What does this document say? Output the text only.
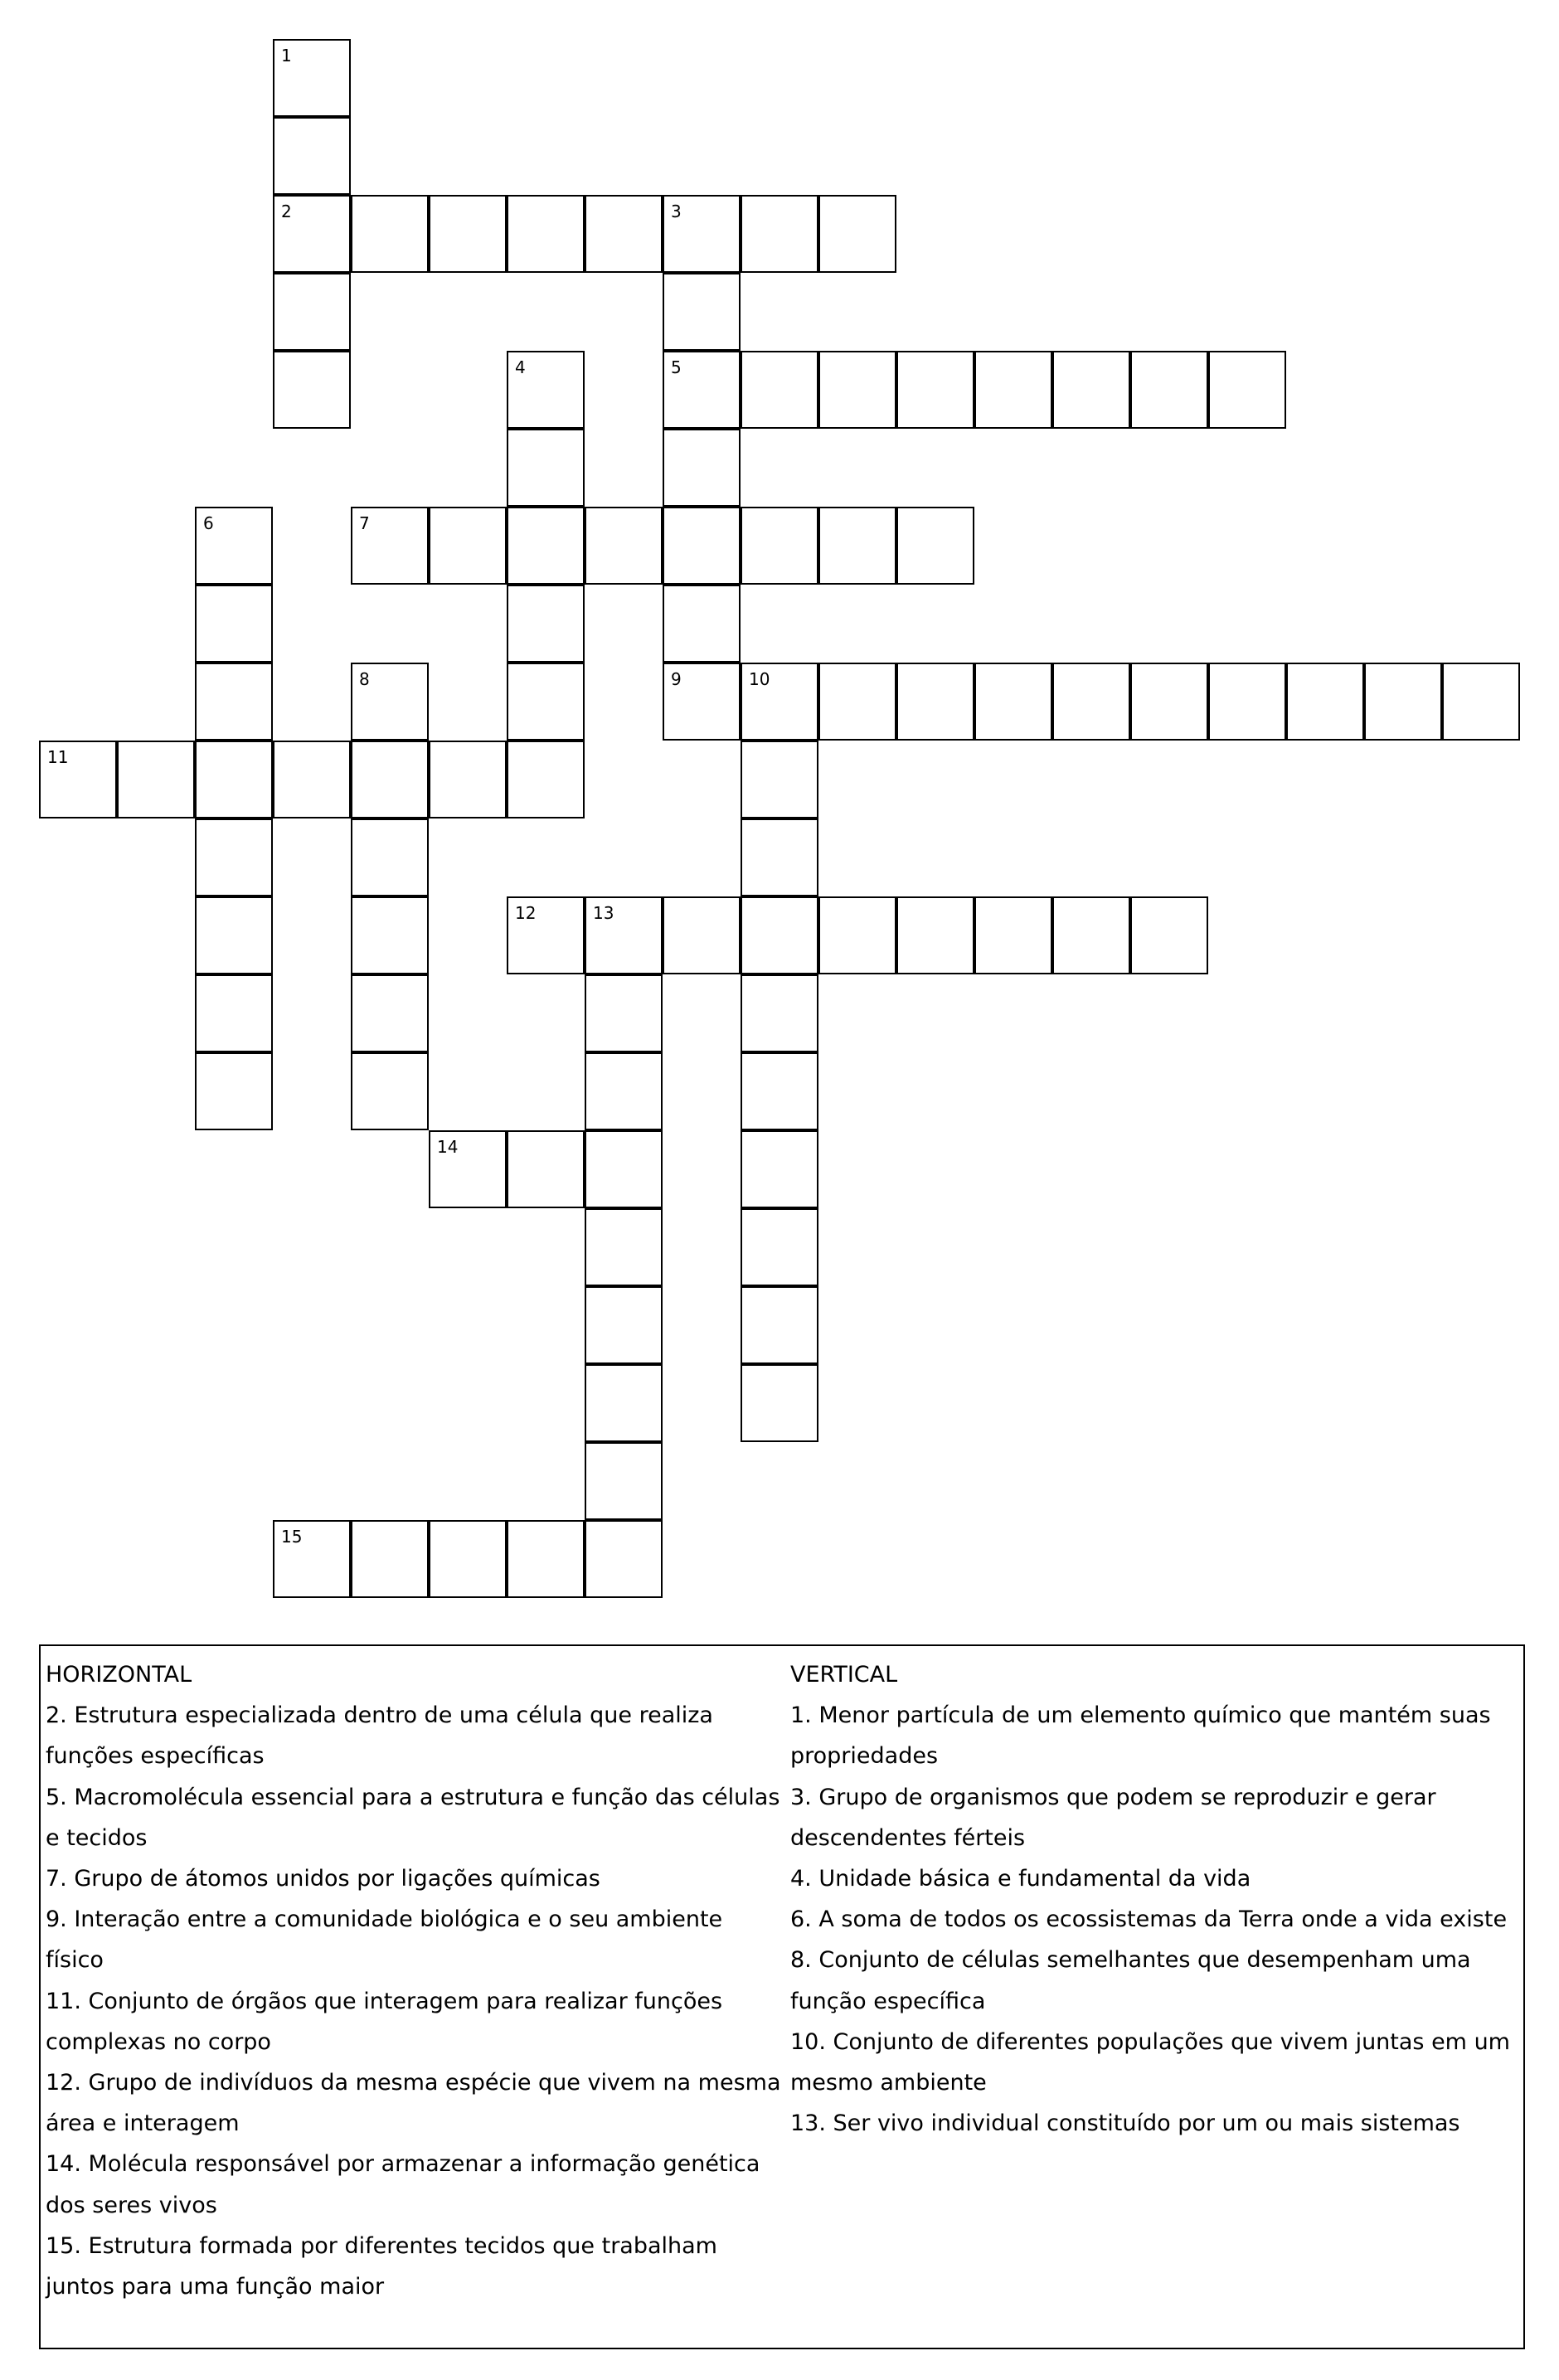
1
2	3
5
4
6	7
8	9	10
11
12	13
14
15
HORIZONTAL
2. Estrutura especializada dentro de uma célula que realiza
funções específicas
5. Macromolécula essencial para a estrutura e função das células
e tecidos
7. Grupo de átomos unidos por ligações químicas
9. Interação entre a comunidade biológica e o seu ambiente
físico
11. Conjunto de órgãos que interagem para realizar funções
complexas no corpo
12. Grupo de indivíduos da mesma espécie que vivem na mesma
área e interagem
14. Molécula responsável por armazenar a informação genética
dos seres vivos
15. Estrutura formada por diferentes tecidos que trabalham
juntos para uma função maior
VERTICAL
1. Menor partícula de um elemento químico que mantém suas
propriedades
3. Grupo de organismos que podem se reproduzir e gerar
descendentes férteis
4. Unidade básica e fundamental da vida
6. A soma de todos os ecossistemas da Terra onde a vida existe
8. Conjunto de células semelhantes que desempenham uma
função específica
10. Conjunto de diferentes populações que vivem juntas em um
mesmo ambiente
13. Ser vivo individual constituído por um ou mais sistemas
